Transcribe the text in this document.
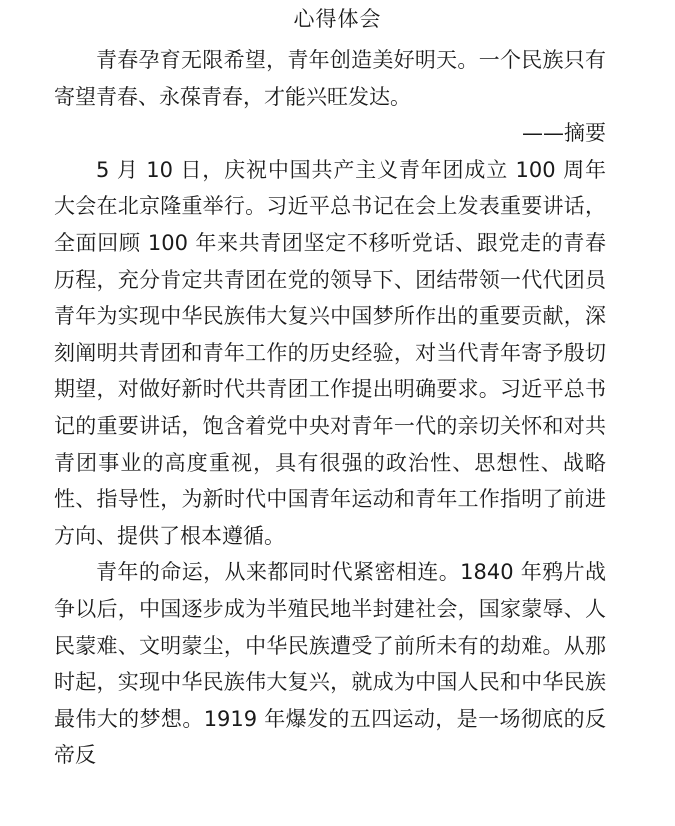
心得体会

青春孕育无限希望，青年创造美好明天。一个民族只有寄望青春、永葆青春，才能兴旺发达。

——摘要

5 月 10 日，庆祝中国共产主义青年团成立 100 周年大会在北京隆重举行。习近平总书记在会上发表重要讲话，全面回顾 100 年来共青团坚定不移听党话、跟党走的青春历程，充分肯定共青团在党的领导下、团结带领一代代团员青年为实现中华民族伟大复兴中国梦所作出的重要贡献，深刻阐明共青团和青年工作的历史经验，对当代青年寄予殷切期望，对做好新时代共青团工作提出明确要求。习近平总书记的重要讲话，饱含着党中央对青年一代的亲切关怀和对共青团事业的高度重视，具有很强的政治性、思想性、战略性、指导性，为新时代中国青年运动和青年工作指明了前进方向、提供了根本遵循。

青年的命运，从来都同时代紧密相连。1840 年鸦片战争以后，中国逐步成为半殖民地半封建社会，国家蒙辱、人民蒙难、文明蒙尘，中华民族遭受了前所未有的劫难。从那时起，实现中华民族伟大复兴，就成为中国人民和中华民族最伟大的梦想。1919 年爆发的五四运动，是一场彻底的反帝反
